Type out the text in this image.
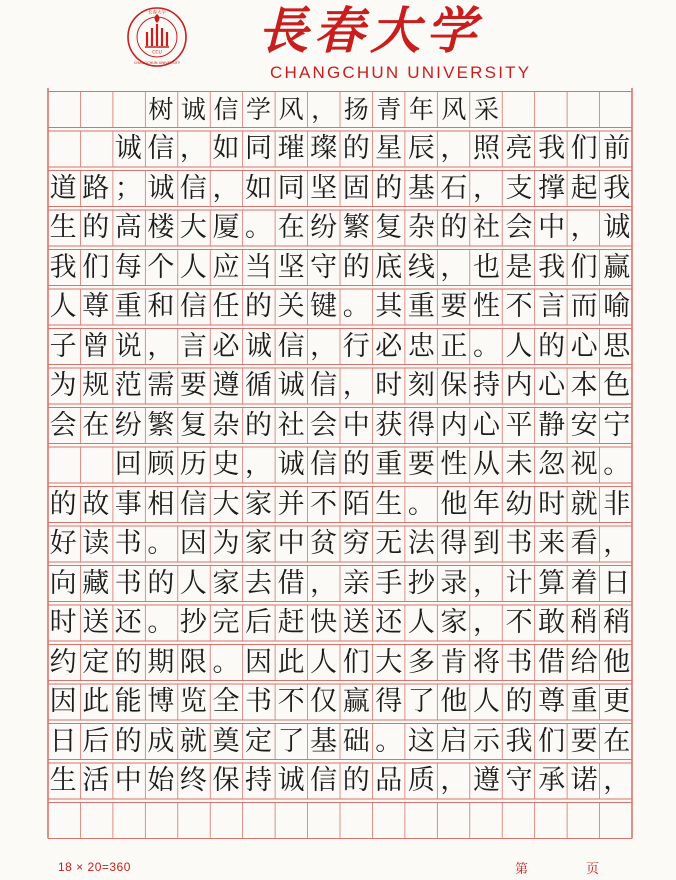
CCU
长春大学
CHANGCHUN UNIVERSITY
長春大学
CHANGCHUN UNIVERSITY

树 诚 信 学 风 ， 扬 青 年 风 采

诚 信 ， 如 同 璀 璨 的 星 辰 ， 照 亮 我 们 前
道 路 ； 诚 信 ， 如 同 坚 固 的 基 石 ， 支 撑 起 我
生 的 高 楼 大 厦 。 在 纷 繁 复 杂 的 社 会 中 ， 诚
我 们 每 个 人 应 当 坚 守 的 底 线 ， 也 是 我 们 赢
人 尊 重 和 信 任 的 关 键 。 其 重 要 性 不 言 而 喻
子 曾 说 ， 言 必 诚 信 ， 行 必 忠 正 。 人 的 心 思
为 规 范 需 要 遵 循 诚 信 ， 时 刻 保 持 内 心 本 色
会 在 纷 繁 复 杂 的 社 会 中 获 得 内 心 平 静 安 宁

回 顾 历 史 ， 诚 信 的 重 要 性 从 未 忽 视 。
的 故 事 相 信 大 家 并 不 陌 生 。 他 年 幼 时 就 非
好 读 书 。 因 为 家 中 贫 穷 无 法 得 到 书 来 看 ，
向 藏 书 的 人 家 去 借 ， 亲 手 抄 录 ， 计 算 着 日
时 送 还 。 抄 完 后 赶 快 送 还 人 家 ， 不 敢 稍 稍
约 定 的 期 限 。 因 此 人 们 大 多 肯 将 书 借 给 他
因 此 能 博 览 全 书 不 仅 赢 得 了 他 人 的 尊 重 更
日 后 的 成 就 奠 定 了 基 础 。 这 启 示 我 们 要 在
生 活 中 始 终 保 持 诚 信 的 品 质 ， 遵 守 承 诺 ，
18 × 20=360	第	页
